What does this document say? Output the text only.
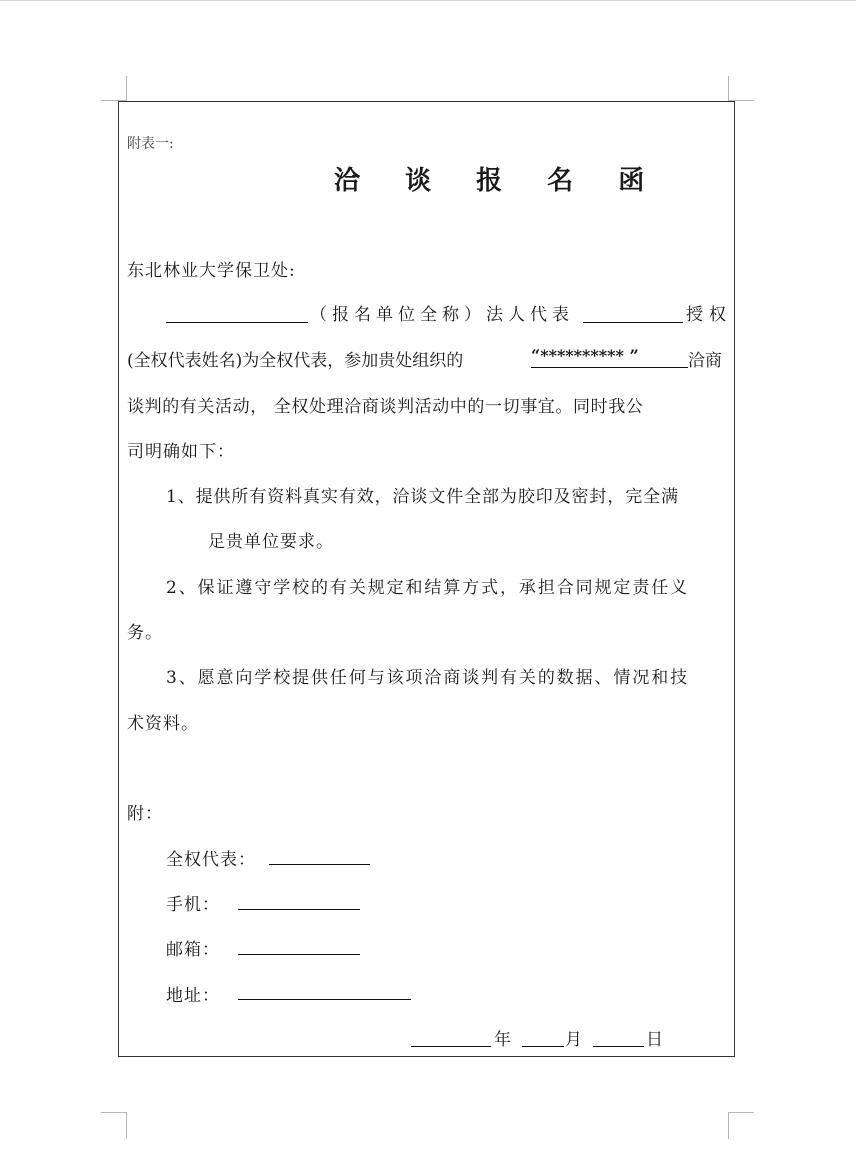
附表一:
洽 谈 报 名 函
东北林业大学保卫处:
（报名单位全称）法人代表	授权
(全权代表姓名)为全权代表，参加贵处组织的	“********** ”	洽商
谈判的有关活动， 全权处理洽商谈判活动中的一切事宜。同时我公
司明确如下：
1、提供所有资料真实有效，洽谈文件全部为胶印及密封，完全满
足贵单位要求。
2、保证遵守学校的有关规定和结算方式，承担合同规定责任义
务。
3、愿意向学校提供任何与该项洽商谈判有关的数据、情况和技
术资料。
附：
全权代表：
手机：
邮箱：
地址：
年	月	日
